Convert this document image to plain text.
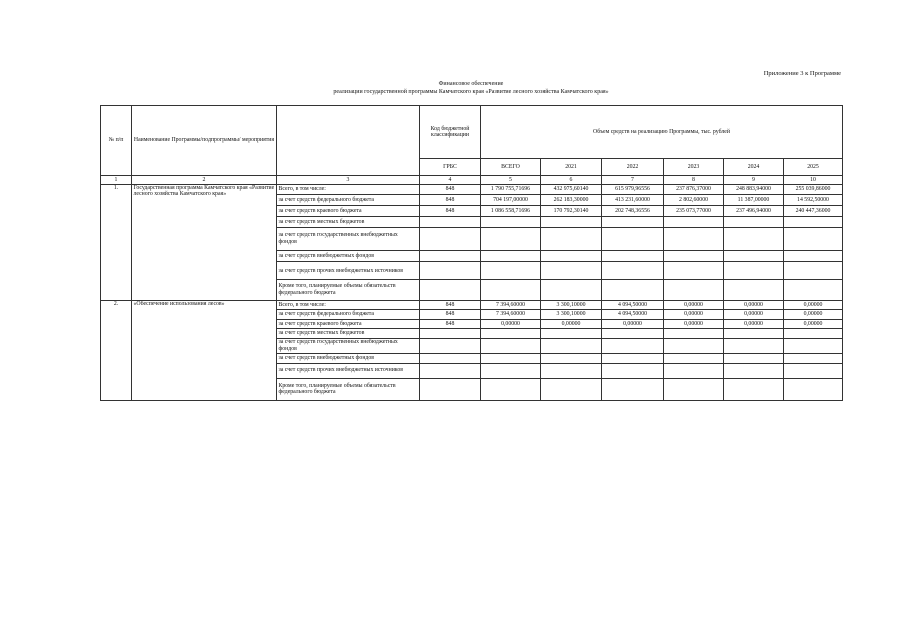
Приложение 3 к Программе
Финансовое обеспечение
реализации государственной программы Камчатского края «Развитие лесного хозяйства Камчатского края»
№ п/п	Наименование Программы/подпрограммы/ мероприятия		Код бюджетной классификации	Объем средств на реализацию Программы, тыс. рублей					
			ГРБС	ВСЕГО	2021	2022	2023	2024	2025
1	2	3	4	5	6	7	8	9	10
1.	Государственная программа Камчатского края «Развитие лесного хозяйства Камчатского края»	Всего, в том числе:	848	1 790 755,71696	432 975,60140	615 979,96556	237 876,37000	248 883,94000	255 039,86000
		за счет средств федерального бюджета	848	704 197,00000	262 183,30000	413 231,60000	2 802,60000	11 387,00000	14 592,50000
		за счет средств краевого бюджета	848	1 086 558,71696	170 792,30140	202 748,36556	235 073,77000	237 496,94000	240 447,36000
		за счет средств местных бюджетов							
		за счет средств государственных внебюджетных фондов							
		за счет средств внебюджетных фондов							
		за счет средств прочих внебюджетных источников							
		Кроме того, планируемые объемы обязательств федерального бюджета							
2.	«Обеспечение использования лесов»	Всего, в том числе:	848	7 394,60000	3 300,10000	4 094,50000	0,00000	0,00000	0,00000
		за счет средств федерального бюджета	848	7 394,60000	3 300,10000	4 094,50000	0,00000	0,00000	0,00000
		за счет средств краевого бюджета	848	0,00000	0,00000	0,00000	0,00000	0,00000	0,00000
		за счет средств местных бюджетов							
		за счет средств государственных внебюджетных фондов							
		за счет средств внебюджетных фондов							
		за счет средств прочих внебюджетных источников							
		Кроме того, планируемые объемы обязательств федерального бюджета							
